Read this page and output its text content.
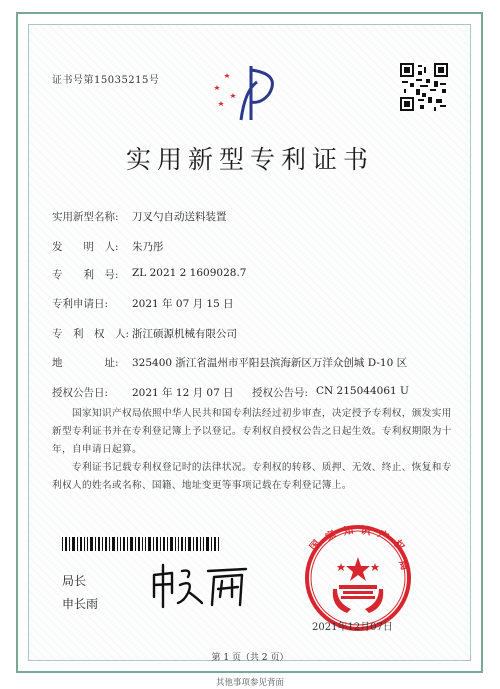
证书号第15035215号
实用新型专利证书
实用新型名称: 刀叉勺自动送料装置
发　　明　人: 朱乃彤
专　　利　号: ZL 2021 2 1609028.7
专利申请日: 2021 年 07 月 15 日
专　利　权　人: 浙江硕源机械有限公司
地　　　　址: 325400 浙江省温州市平阳县滨海新区万洋众创城 D-10 区
授权公告日: 2021 年 12 月 07 日 授权公告号: CN 215044061 U

国家知识产权局依照中华人民共和国专利法经过初步审查，决定授予专利权，颁发实用新型专利证书并在专利登记簿上予以登记。专利权自授权公告之日起生效。专利权期限为十年，自申请日起算。

专利证书记载专利权登记时的法律状况。专利权的转移、质押、无效、终止、恢复和专利权人的姓名或名称、国籍、地址变更等事项记载在专利登记簿上。

局长
申长雨
国
家 知 识 产
权
局
2021年12月07日
第 1 页（共 2 页）
其他事项参见背面
